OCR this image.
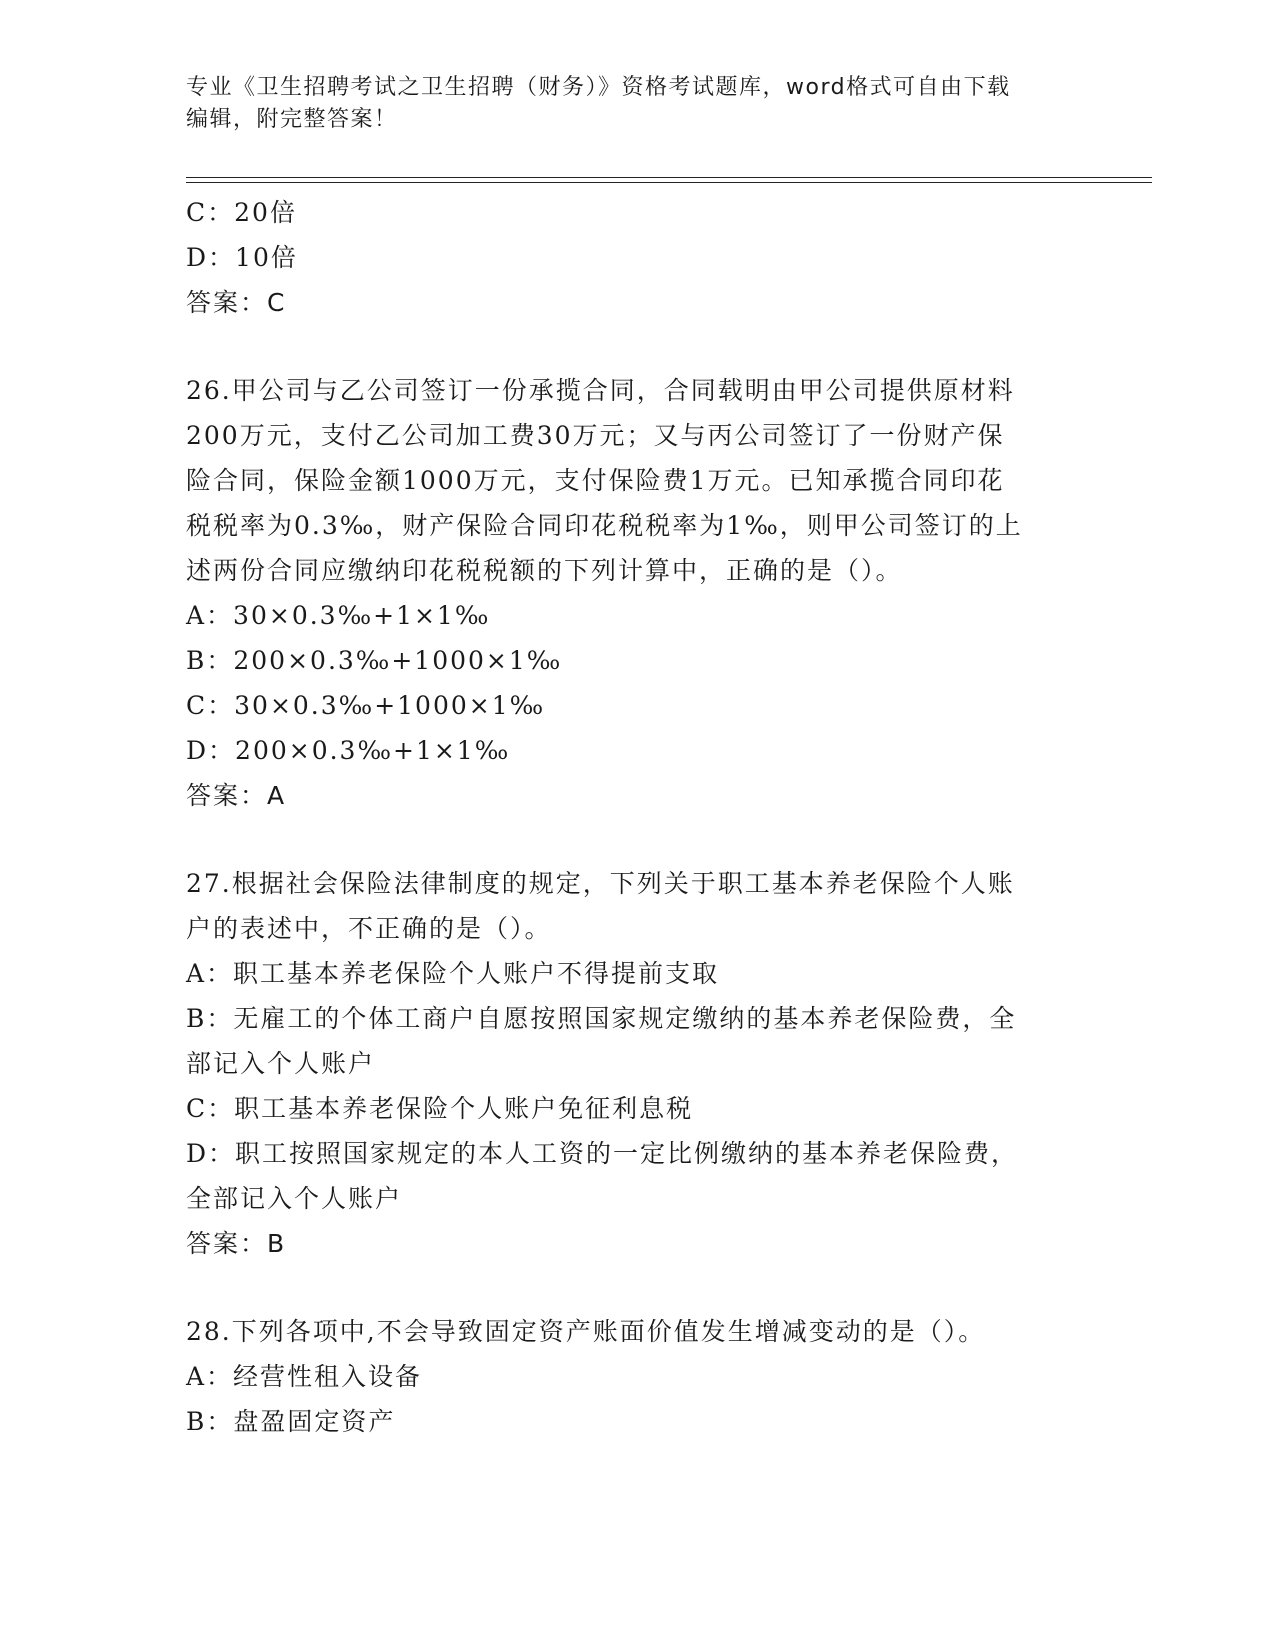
专业《卫生招聘考试之卫生招聘（财务）》资格考试题库，word格式可自由下载
编辑，附完整答案！
C：20倍
D：10倍
答案：C
26.甲公司与乙公司签订一份承揽合同，合同载明由甲公司提供原材料
200万元，支付乙公司加工费30万元；又与丙公司签订了一份财产保
险合同，保险金额1000万元，支付保险费1万元。已知承揽合同印花
税税率为0.3‰，财产保险合同印花税税率为1‰，则甲公司签订的上
述两份合同应缴纳印花税税额的下列计算中，正确的是（）。
A：30×0.3‰+1×1‰
B：200×0.3‰+1000×1‰
C：30×0.3‰+1000×1‰
D：200×0.3‰+1×1‰
答案：A
27.根据社会保险法律制度的规定，下列关于职工基本养老保险个人账
户的表述中，不正确的是（）。
A：职工基本养老保险个人账户不得提前支取
B：无雇工的个体工商户自愿按照国家规定缴纳的基本养老保险费，全
部记入个人账户
C：职工基本养老保险个人账户免征利息税
D：职工按照国家规定的本人工资的一定比例缴纳的基本养老保险费，
全部记入个人账户
答案：B
28.下列各项中,不会导致固定资产账面价值发生增减变动的是（）。
A：经营性租入设备
B：盘盈固定资产
